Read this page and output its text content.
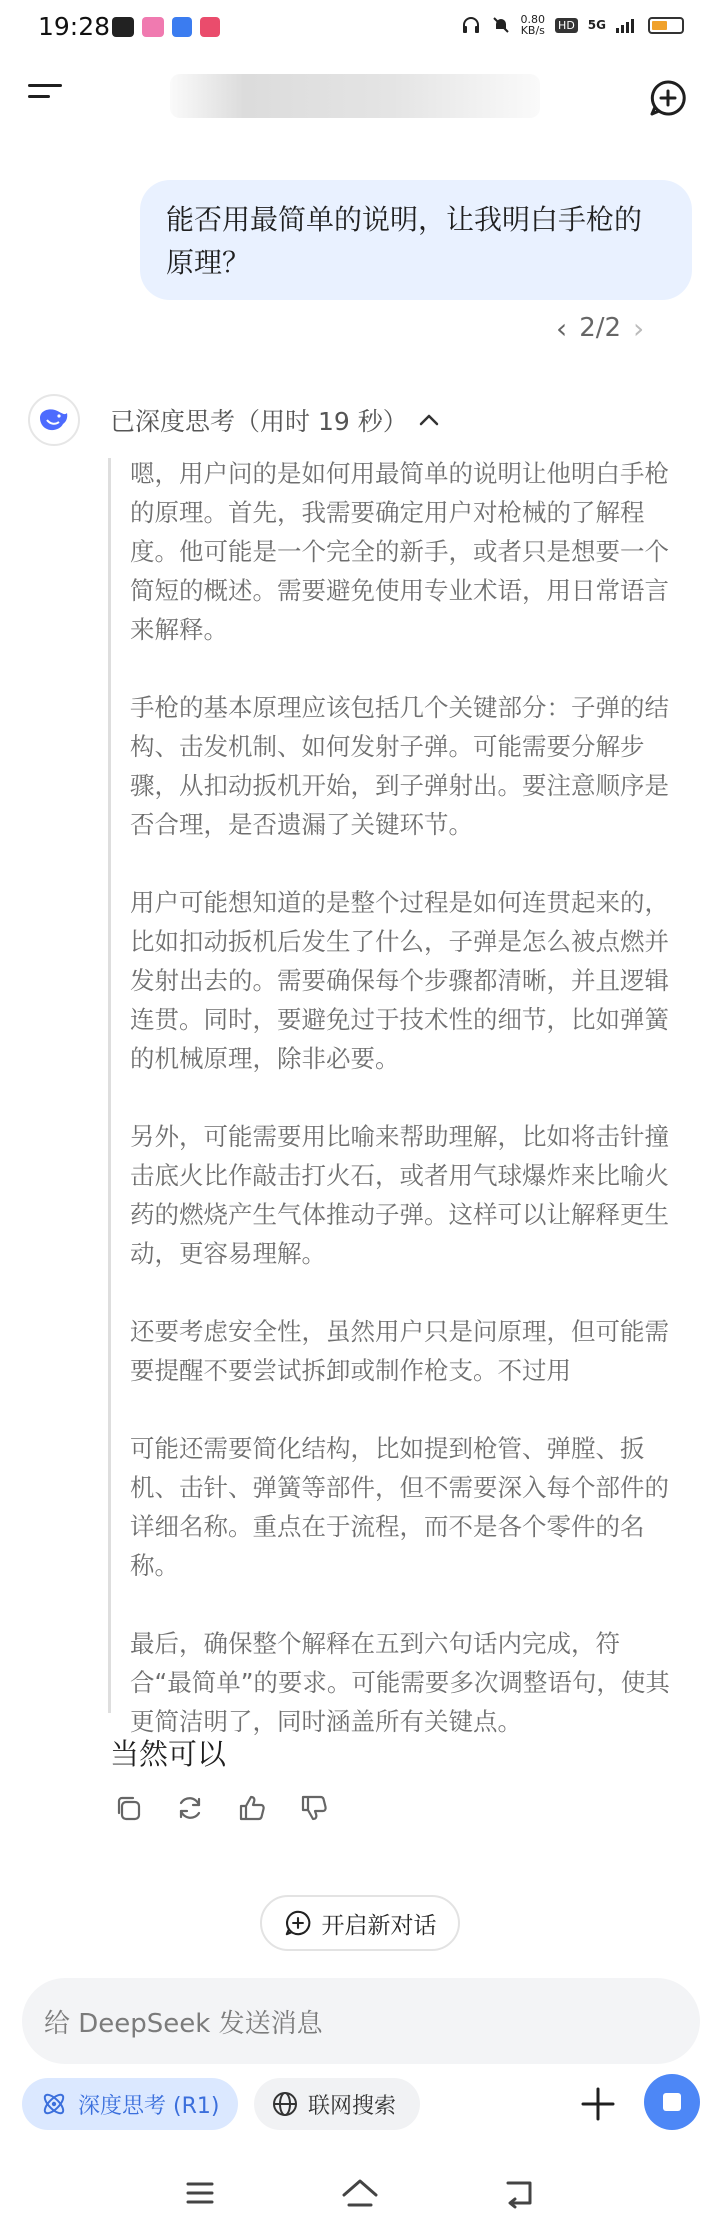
19:28	0.80
KB/s HD 5G
能否用最简单的说明，让我明白手枪的原理？
‹ 2/2 ›
已深度思考（用时 19 秒）

嗯，用户问的是如何用最简单的说明让他明白手枪的原理。首先，我需要确定用户对枪械的了解程度。他可能是一个完全的新手，或者只是想要一个简短的概述。需要避免使用专业术语，用日常语言来解释。

手枪的基本原理应该包括几个关键部分：子弹的结构、击发机制、如何发射子弹。可能需要分解步骤，从扣动扳机开始，到子弹射出。要注意顺序是否合理，是否遗漏了关键环节。

用户可能想知道的是整个过程是如何连贯起来的，比如扣动扳机后发生了什么，子弹是怎么被点燃并发射出去的。需要确保每个步骤都清晰，并且逻辑连贯。同时，要避免过于技术性的细节，比如弹簧的机械原理，除非必要。

另外，可能需要用比喻来帮助理解，比如将击针撞击底火比作敲击打火石，或者用气球爆炸来比喻火药的燃烧产生气体推动子弹。这样可以让解释更生动，更容易理解。

还要考虑安全性，虽然用户只是问原理，但可能需要提醒不要尝试拆卸或制作枪支。不过用

可能还需要简化结构，比如提到枪管、弹膛、扳机、击针、弹簧等部件，但不需要深入每个部件的详细名称。重点在于流程，而不是各个零件的名称。

最后，确保整个解释在五到六句话内完成，符合“最简单”的要求。可能需要多次调整语句，使其更简洁明了，同时涵盖所有关键点。

当然可以
开启新对话
给 DeepSeek 发送消息
深度思考 (R1)	联网搜索
